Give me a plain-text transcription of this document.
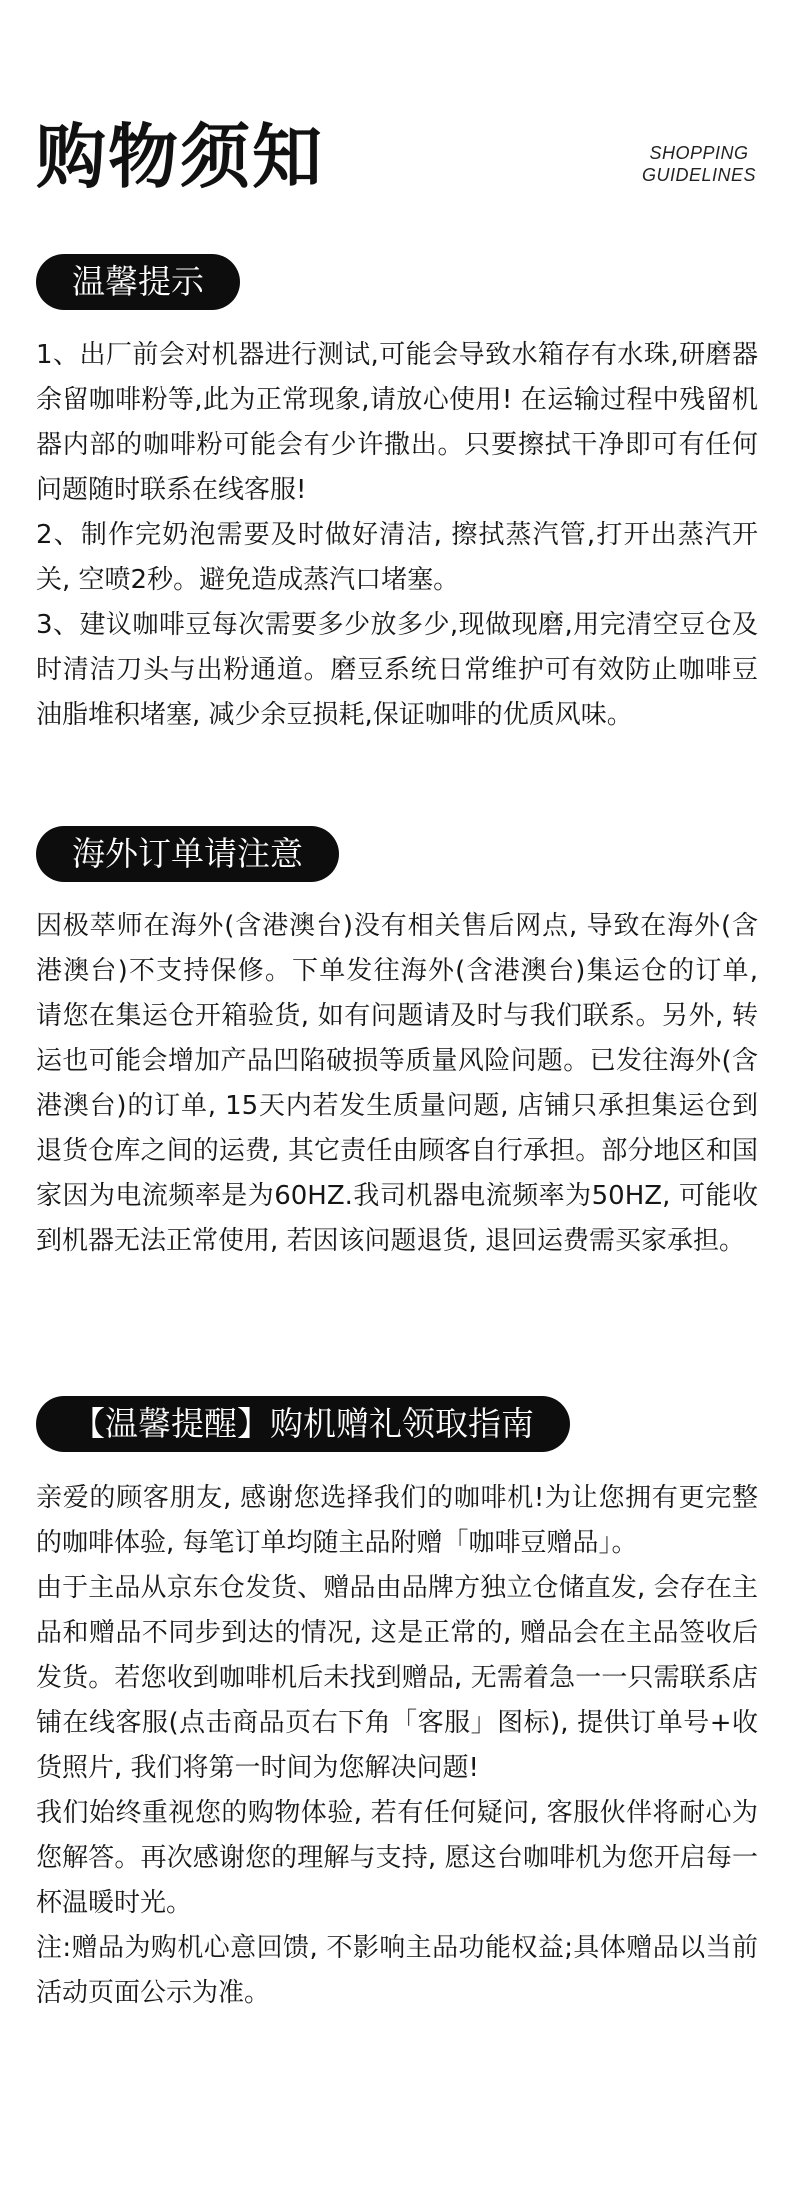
购物须知	SHOPPING
GUIDELINES
温馨提示

1、出厂前会对机器进行测试,可能会导致水箱存有水珠,研磨器余留咖啡粉等,此为正常现象,请放心使用! 在运输过程中残留机器内部的咖啡粉可能会有少许撒出。只要擦拭干净即可有任何问题随时联系在线客服!

2、制作完奶泡需要及时做好清洁, 擦拭蒸汽管,打开出蒸汽开关, 空喷2秒。避免造成蒸汽口堵塞。

3、建议咖啡豆每次需要多少放多少,现做现磨,用完清空豆仓及时清洁刀头与出粉通道。磨豆系统日常维护可有效防止咖啡豆油脂堆积堵塞, 减少余豆损耗,保证咖啡的优质风味。

海外订单请注意

因极萃师在海外(含港澳台)没有相关售后网点, 导致在海外(含港澳台)不支持保修。下单发往海外(含港澳台)集运仓的订单, 请您在集运仓开箱验货, 如有问题请及时与我们联系。另外, 转运也可能会增加产品凹陷破损等质量风险问题。已发往海外(含港澳台)的订单, 15天内若发生质量问题, 店铺只承担集运仓到退货仓库之间的运费, 其它责任由顾客自行承担。部分地区和国家因为电流频率是为60HZ.我司机器电流频率为50HZ, 可能收到机器无法正常使用, 若因该问题退货, 退回运费需买家承担。

【温馨提醒】购机赠礼领取指南

亲爱的顾客朋友, 感谢您选择我们的咖啡机!为让您拥有更完整的咖啡体验, 每笔订单均随主品附赠「咖啡豆赠品」。

由于主品从京东仓发货、赠品由品牌方独立仓储直发, 会存在主品和赠品不同步到达的情况, 这是正常的, 赠品会在主品签收后发货。若您收到咖啡机后未找到赠品, 无需着急一一只需联系店铺在线客服(点击商品页右下角「客服」图标), 提供订单号+收货照片, 我们将第一时间为您解决问题!

我们始终重视您的购物体验, 若有任何疑问, 客服伙伴将耐心为您解答。再次感谢您的理解与支持, 愿这台咖啡机为您开启每一杯温暖时光。

注:赠品为购机心意回馈, 不影响主品功能权益;具体赠品以当前活动页面公示为准。
